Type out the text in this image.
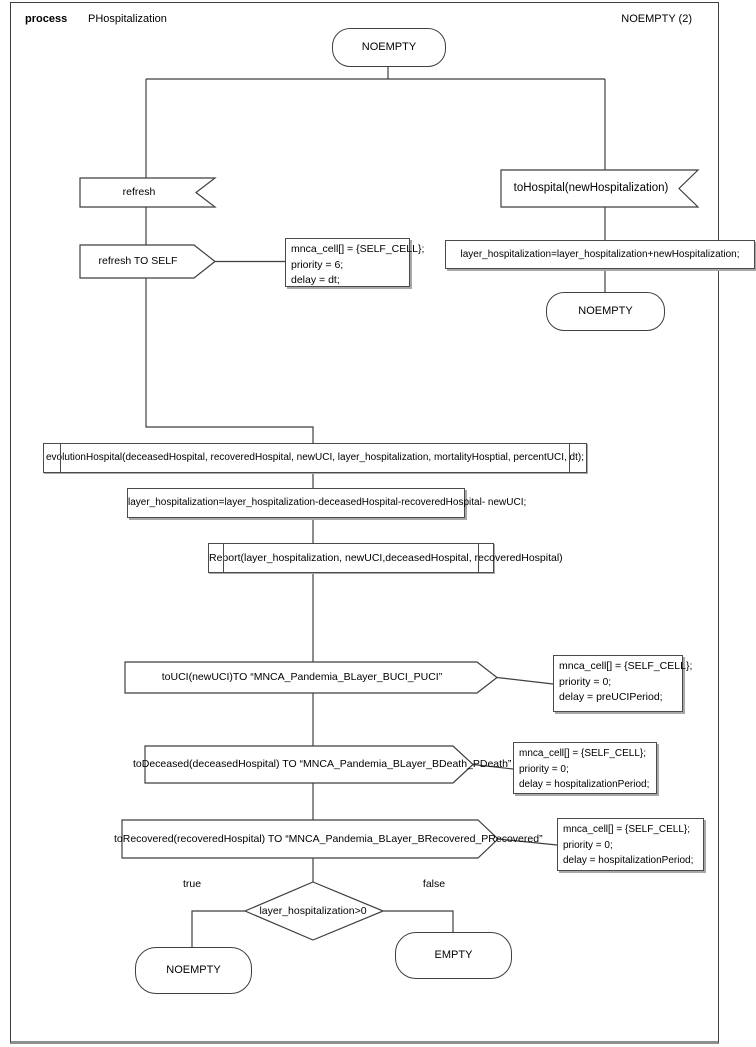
process PHospitalization	NOEMPTY (2)
NOEMPTY
NOEMPTY
NOEMPTY
EMPTY
mnca_cell[] = {SELF_CELL};
priority = 6;
delay = dt;
layer_hospitalization=layer_hospitalization+newHospitalization;
evolutionHospital(deceasedHospital, recoveredHospital, newUCI, layer_hospitalization, mortalityHosptial, percentUCI, dt);
layer_hospitalization=layer_hospitalization-deceasedHospital-recoveredHospital- newUCI;
Report(layer_hospitalization, newUCI,deceasedHospital, recoveredHospital)
mnca_cell[] = {SELF_CELL};
priority = 0;
delay = preUCIPeriod;
mnca_cell[] = {SELF_CELL};
priority = 0;
delay = hospitalizationPeriod;
mnca_cell[] = {SELF_CELL};
priority = 0;
delay = hospitalizationPeriod;
refresh
refresh TO SELF
toHospital(newHospitalization)
toUCI(newUCI)TO “MNCA_Pandemia_BLayer_BUCI_PUCI”
toDeceased(deceasedHospital) TO “MNCA_Pandemia_BLayer_BDeath_PDeath”
toRecovered(recoveredHospital) TO “MNCA_Pandemia_BLayer_BRecovered_PRecovered”
layer_hospitalization>0
true	false
